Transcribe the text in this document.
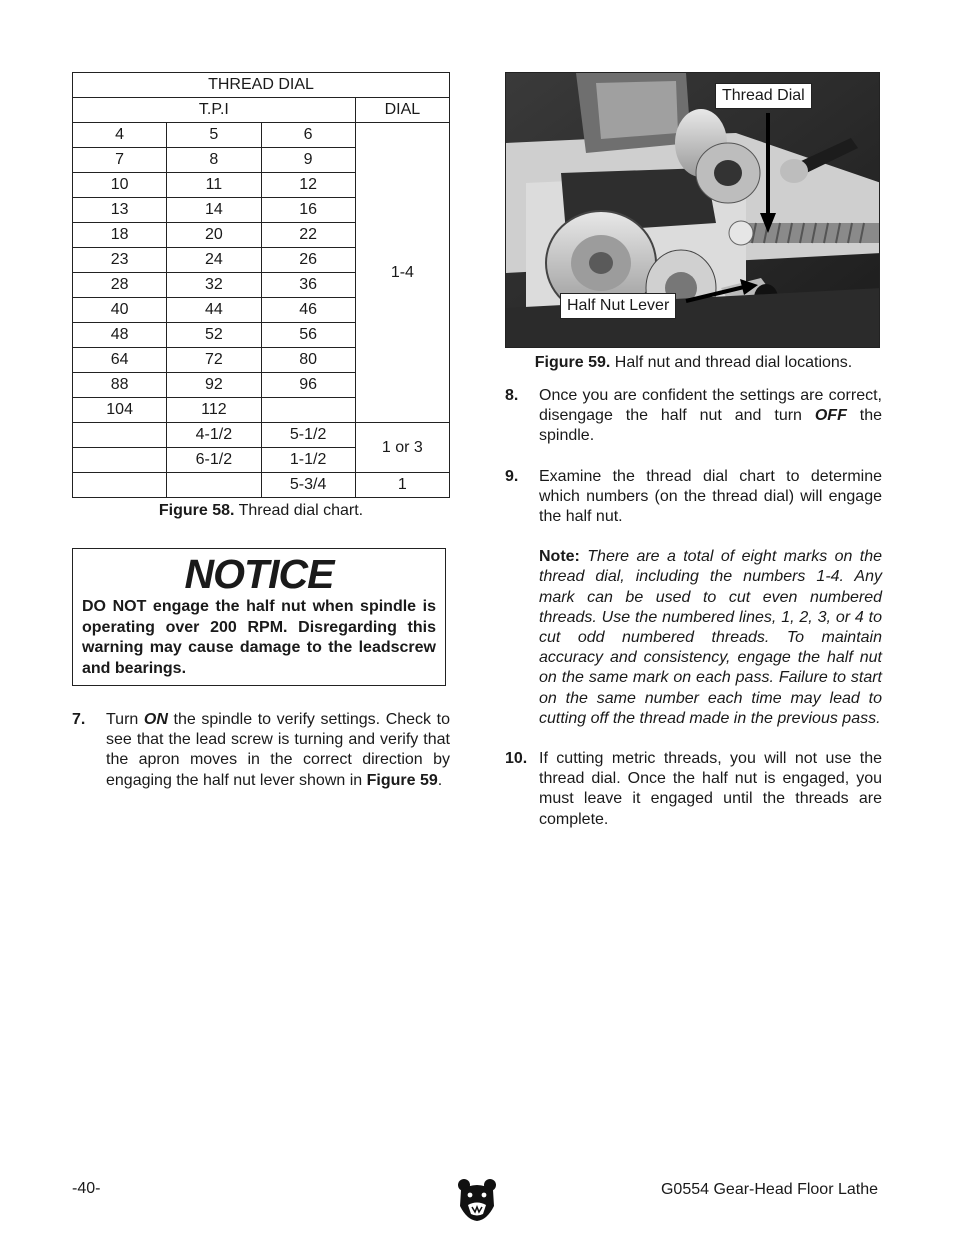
THREAD DIAL			
T.P.I			DIAL
4	5	6	1-4
7	8	9	
10	11	12	
13	14	16	
18	20	22	
23	24	26	
28	32	36	
40	44	46	
48	52	56	
64	72	80	
88	92	96	
104	112		
	4-1/2	5-1/2	1 or 3
	6-1/2	1-1/2	
		5-3/4	1
Figure 58. Thread dial chart.
NOTICE
DO NOT engage the half nut when spindle is operating over 200 RPM. Disregarding this warning may cause damage to the leadscrew and bearings.
7. Turn ON the spindle to verify settings. Check to see that the lead screw is turning and verify that the apron moves in the correct direction by engaging the half nut lever shown in Figure 59.
Thread Dial
Half Nut Lever
Figure 59. Half nut and thread dial locations.
8. Once you are confident the settings are correct, disengage the half nut and turn OFF the spindle.
9. Examine the thread dial chart to determine which numbers (on the thread dial) will engage the half nut.
Note: There are a total of eight marks on the thread dial, including the numbers 1-4. Any mark can be used to cut even numbered threads. Use the numbered lines, 1, 2, 3, or 4 to cut odd numbered threads. To maintain accuracy and consistency, engage the half nut on the same mark on each pass. Failure to start on the same number each time may lead to cutting off the thread made in the previous pass.
10. If cutting metric threads, you will not use the thread dial. Once the half nut is engaged, you must leave it engaged until the threads are complete.
-40-	G0554 Gear-Head Floor Lathe
